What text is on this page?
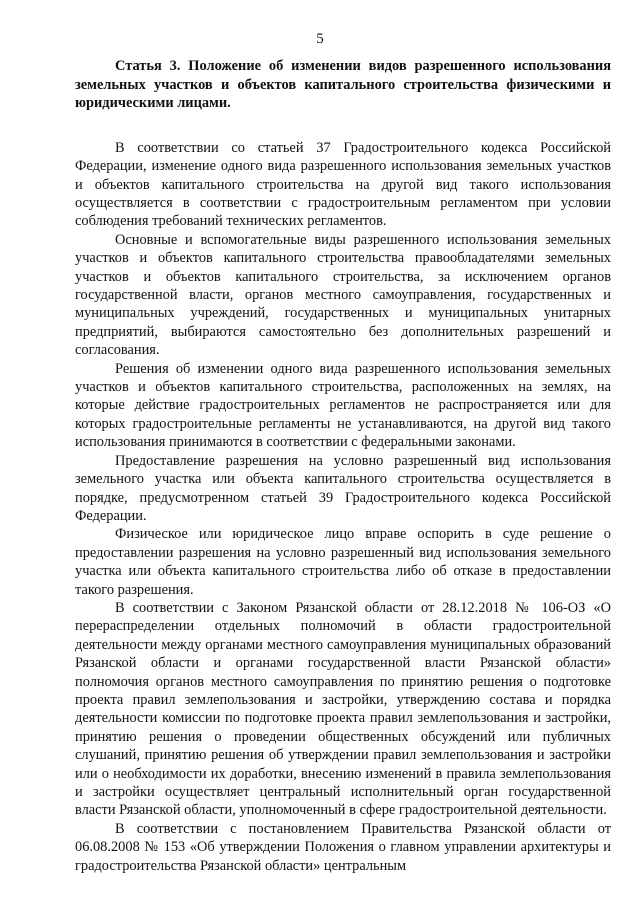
5

Статья 3. Положение об изменении видов разрешенного использования земельных участков и объектов капитального строительства физическими и юридическими лицами.

В соответствии со статьей 37 Градостроительного кодекса Российской Федерации, изменение одного вида разрешенного использования земельных участков и объектов капитального строительства на другой вид такого использования осуществляется в соответствии с градостроительным регламентом при условии соблюдения требований технических регламентов.

Основные и вспомогательные виды разрешенного использования земельных участков и объектов капитального строительства правообладателями земельных участков и объектов капитального строительства, за исключением органов государственной власти, органов местного самоуправления, государственных и муниципальных учреждений, государственных и муниципальных унитарных предприятий, выбираются самостоятельно без дополнительных разрешений и согласования.

Решения об изменении одного вида разрешенного использования земельных участков и объектов капитального строительства, расположенных на землях, на которые действие градостроительных регламентов не распространяется или для которых градостроительные регламенты не устанавливаются, на другой вид такого использования принимаются в соответствии с федеральными законами.

Предоставление разрешения на условно разрешенный вид использования земельного участка или объекта капитального строительства осуществляется в порядке, предусмотренном статьей 39 Градостроительного кодекса Российской Федерации.

Физическое или юридическое лицо вправе оспорить в суде решение о предоставлении разрешения на условно разрешенный вид использования земельного участка или объекта капитального строительства либо об отказе в предоставлении такого разрешения.

В соответствии с Законом Рязанской области от 28.12.2018 № 106-ОЗ «О перераспределении отдельных полномочий в области градостроительной деятельности между органами местного самоуправления муниципальных образований Рязанской области и органами государственной власти Рязанской области» полномочия органов местного самоуправления по принятию решения о подготовке проекта правил землепользования и застройки, утверждению состава и порядка деятельности комиссии по подготовке проекта правил землепользования и застройки, принятию решения о проведении общественных обсуждений или публичных слушаний, принятию решения об утверждении правил землепользования и застройки или о необходимости их доработки, внесению изменений в правила землепользования и застройки осуществляет центральный исполнительный орган государственной власти Рязанской области, уполномоченный в сфере градостроительной деятельности.

В соответствии с постановлением Правительства Рязанской области от 06.08.2008 № 153 «Об утверждении Положения о главном управлении архитектуры и градостроительства Рязанской области» центральным
